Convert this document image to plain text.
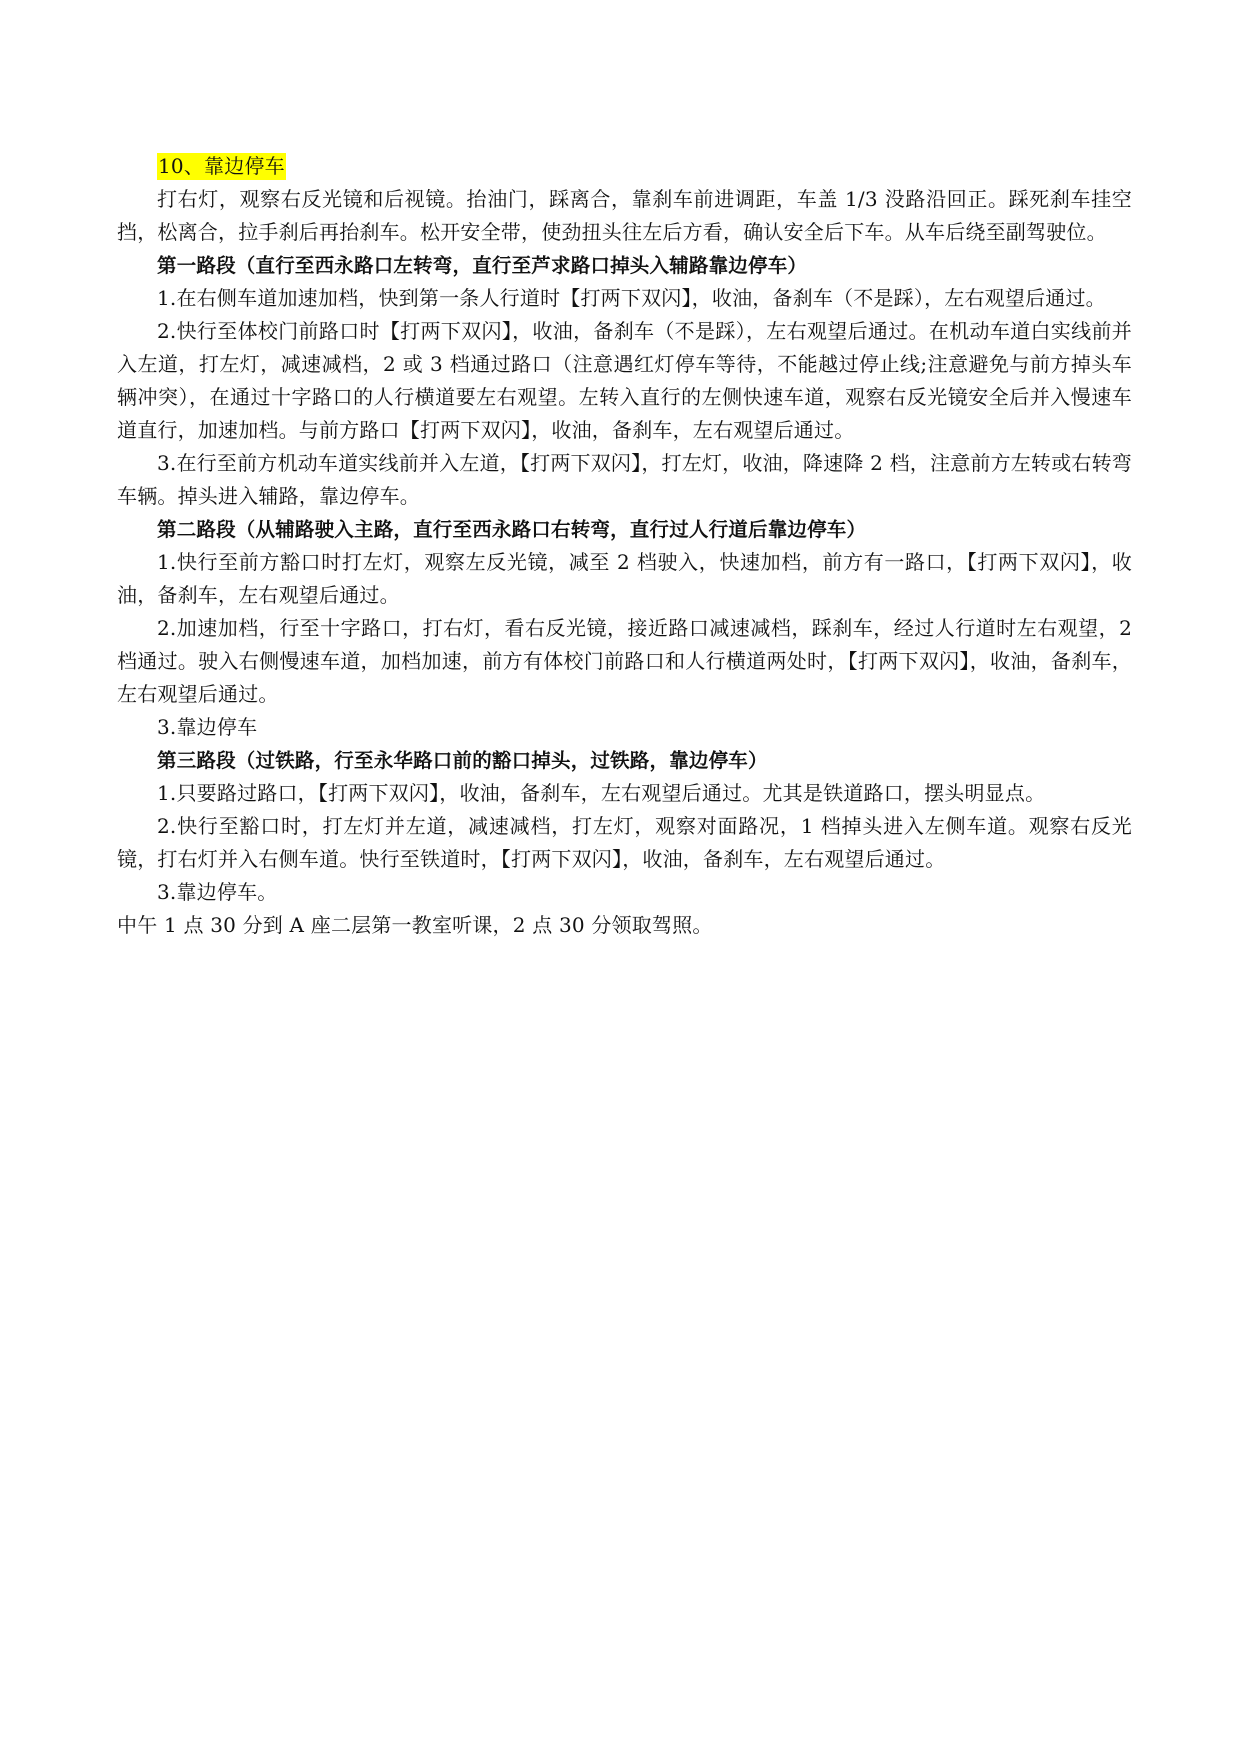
10、靠边停车

打右灯，观察右反光镜和后视镜。抬油门，踩离合，靠刹车前进调距，车盖 1/3 没路沿回正。踩死刹车挂空挡，松离合，拉手刹后再抬刹车。松开安全带，使劲扭头往左后方看，确认安全后下车。从车后绕至副驾驶位。

第一路段（直行至西永路口左转弯，直行至芦求路口掉头入辅路靠边停车）

1.在右侧车道加速加档，快到第一条人行道时【打两下双闪】，收油，备刹车（不是踩），左右观望后通过。

2.快行至体校门前路口时【打两下双闪】，收油，备刹车（不是踩），左右观望后通过。在机动车道白实线前并入左道，打左灯，减速减档，2 或 3 档通过路口（注意遇红灯停车等待，不能越过停止线;注意避免与前方掉头车辆冲突），在通过十字路口的人行横道要左右观望。左转入直行的左侧快速车道，观察右反光镜安全后并入慢速车道直行，加速加档。与前方路口【打两下双闪】，收油，备刹车，左右观望后通过。

3.在行至前方机动车道实线前并入左道，【打两下双闪】，打左灯，收油，降速降 2 档，注意前方左转或右转弯车辆。掉头进入辅路，靠边停车。

第二路段（从辅路驶入主路，直行至西永路口右转弯，直行过人行道后靠边停车）

1.快行至前方豁口时打左灯，观察左反光镜，减至 2 档驶入，快速加档，前方有一路口，【打两下双闪】，收油，备刹车，左右观望后通过。

2.加速加档，行至十字路口，打右灯，看右反光镜，接近路口减速减档，踩刹车，经过人行道时左右观望，2 档通过。驶入右侧慢速车道，加档加速，前方有体校门前路口和人行横道两处时，【打两下双闪】，收油，备刹车，左右观望后通过。

3.靠边停车

第三路段（过铁路，行至永华路口前的豁口掉头，过铁路，靠边停车）

1.只要路过路口，【打两下双闪】，收油，备刹车，左右观望后通过。尤其是铁道路口，摆头明显点。

2.快行至豁口时，打左灯并左道，减速减档，打左灯，观察对面路况，1 档掉头进入左侧车道。观察右反光镜，打右灯并入右侧车道。快行至铁道时，【打两下双闪】，收油，备刹车，左右观望后通过。

3.靠边停车。

中午 1 点 30 分到 A 座二层第一教室听课，2 点 30 分领取驾照。
